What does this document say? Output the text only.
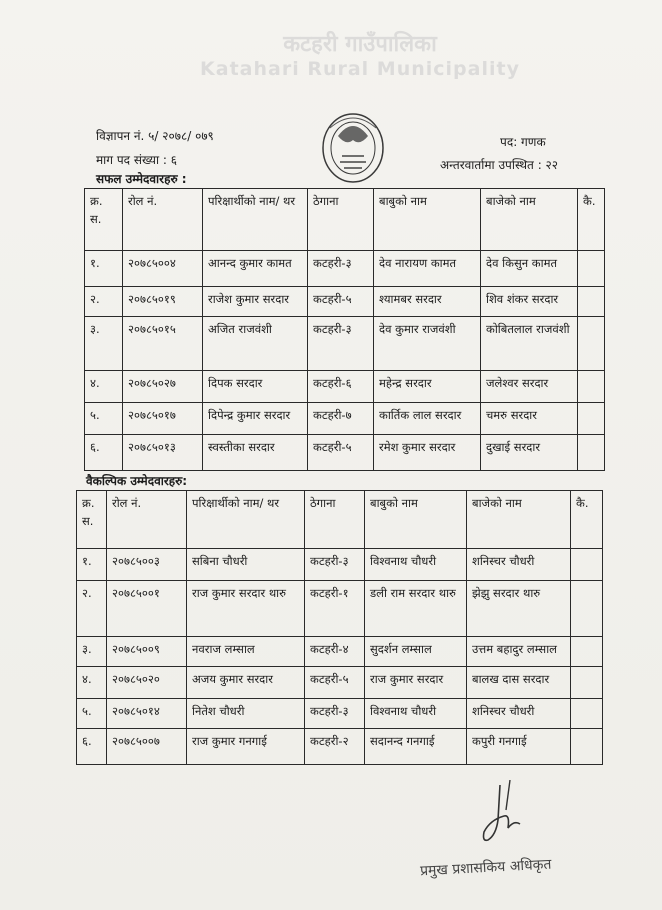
कटहरी गाउँपालिका
Katahari Rural Municipality
विज्ञापन नं. ५/ २०७८/ ०७९	पद: गणक
माग पद संख्या : ६	अन्तरवार्तामा उपस्थित : २२
सफल उम्मेदवारहरु :
क्र. स.	रोल नं.	परिक्षार्थीको नाम/ थर	ठेगाना	बाबुको नाम	बाजेको नाम	कै.
१.	२०७८५००४	आनन्द कुमार कामत	कटहरी-३	देव नारायण कामत	देव किसुन कामत	
२.	२०७८५०१९	राजेश कुमार सरदार	कटहरी-५	श्यामबर सरदार	शिव शंकर सरदार	
३.	२०७८५०१५	अजित राजवंशी	कटहरी-३	देव कुमार राजवंशी	कोबितलाल राजवंशी	
४.	२०७८५०२७	दिपक सरदार	कटहरी-६	महेन्द्र सरदार	जलेश्वर सरदार	
५.	२०७८५०१७	दिपेन्द्र कुमार सरदार	कटहरी-७	कार्तिक लाल सरदार	चमरु सरदार	
६.	२०७८५०१३	स्वस्तीका सरदार	कटहरी-५	रमेश कुमार सरदार	दुखाई सरदार	
वैकल्पिक उम्मेदवारहरु:
क्र. स.	रोल नं.	परिक्षार्थीको नाम/ थर	ठेगाना	बाबुको नाम	बाजेको नाम	कै.
१.	२०७८५००३	सबिना चौधरी	कटहरी-३	विश्वनाथ चौधरी	शनिस्चर चौधरी	
२.	२०७८५००१	राज कुमार सरदार थारु	कटहरी-१	डली राम सरदार थारु	झेझु सरदार थारु	
३.	२०७८५००९	नवराज लम्साल	कटहरी-४	सुदर्शन लम्साल	उत्तम बहादुर लम्साल	
४.	२०७८५०२०	अजय कुमार सरदार	कटहरी-५	राज कुमार सरदार	बालख दास सरदार	
५.	२०७८५०१४	नितेश चौधरी	कटहरी-३	विश्वनाथ चौधरी	शनिस्चर चौधरी	
६.	२०७८५००७	राज कुमार गनगाई	कटहरी-२	सदानन्द गनगाई	कपुरी गनगाई	
प्रमुख प्रशासकिय अधिकृत
